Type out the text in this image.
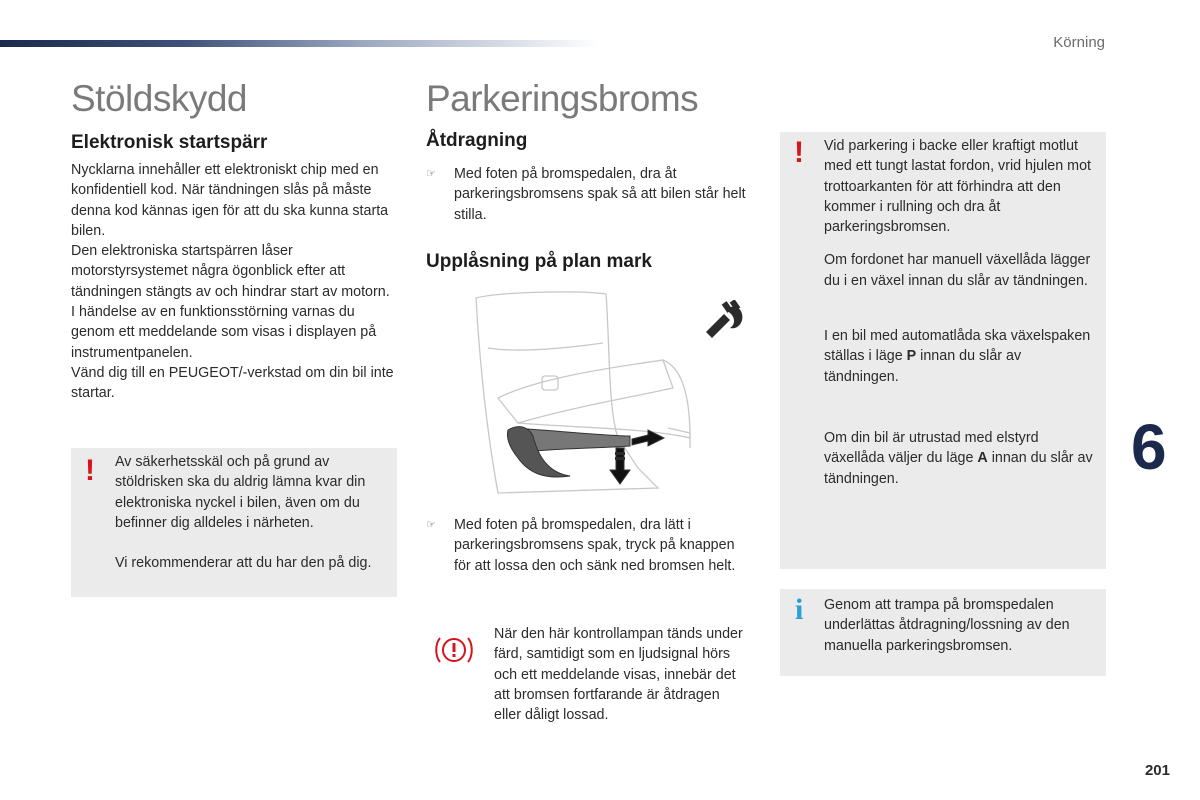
Körning
Stöldskydd
Elektronisk startspärr

Nycklarna innehåller ett elektroniskt chip med en konfidentiell kod. När tändningen slås på måste denna kod kännas igen för att du ska kunna starta bilen.

Den elektroniska startspärren låser motorstyrsystemet några ögonblick efter att tändningen stängts av och hindrar start av motorn.

I händelse av en funktionsstörning varnas du genom ett meddelande som visas i displayen på instrumentpanelen.

Vänd dig till en PEUGEOT/-verkstad om din bil inte startar.

! Av säkerhetsskäl och på grund av stöldrisken ska du aldrig lämna kvar din elektroniska nyckel i bilen, även om du befinner dig alldeles i närheten.

Vi rekommenderar att du har den på dig.

Parkeringsbroms
Åtdragning
☞ Med foten på bromspedalen, dra åt parkeringsbromsens spak så att bilen står helt stilla.
Upplåsning på plan mark
☞ Med foten på bromspedalen, dra lätt i parkeringsbromsens spak, tryck på knappen för att lossa den och sänk ned bromsen helt.
När den här kontrollampan tänds under färd, samtidigt som en ljudsignal hörs och ett meddelande visas, innebär det att bromsen fortfarande är åtdragen eller dåligt lossad.
! Vid parkering i backe eller kraftigt motlut med ett tungt lastat fordon, vrid hjulen mot trottoarkanten för att förhindra att den kommer i rullning och dra åt parkeringsbromsen.

Om fordonet har manuell växellåda lägger du i en växel innan du slår av tändningen.

I en bil med automatlåda ska växelspaken ställas i läge P innan du slår av tändningen.

Om din bil är utrustad med elstyrd växellåda väljer du läge A innan du slår av tändningen.

i Genom att trampa på bromspedalen underlättas åtdragning/lossning av den manuella parkeringsbromsen.
6
201
